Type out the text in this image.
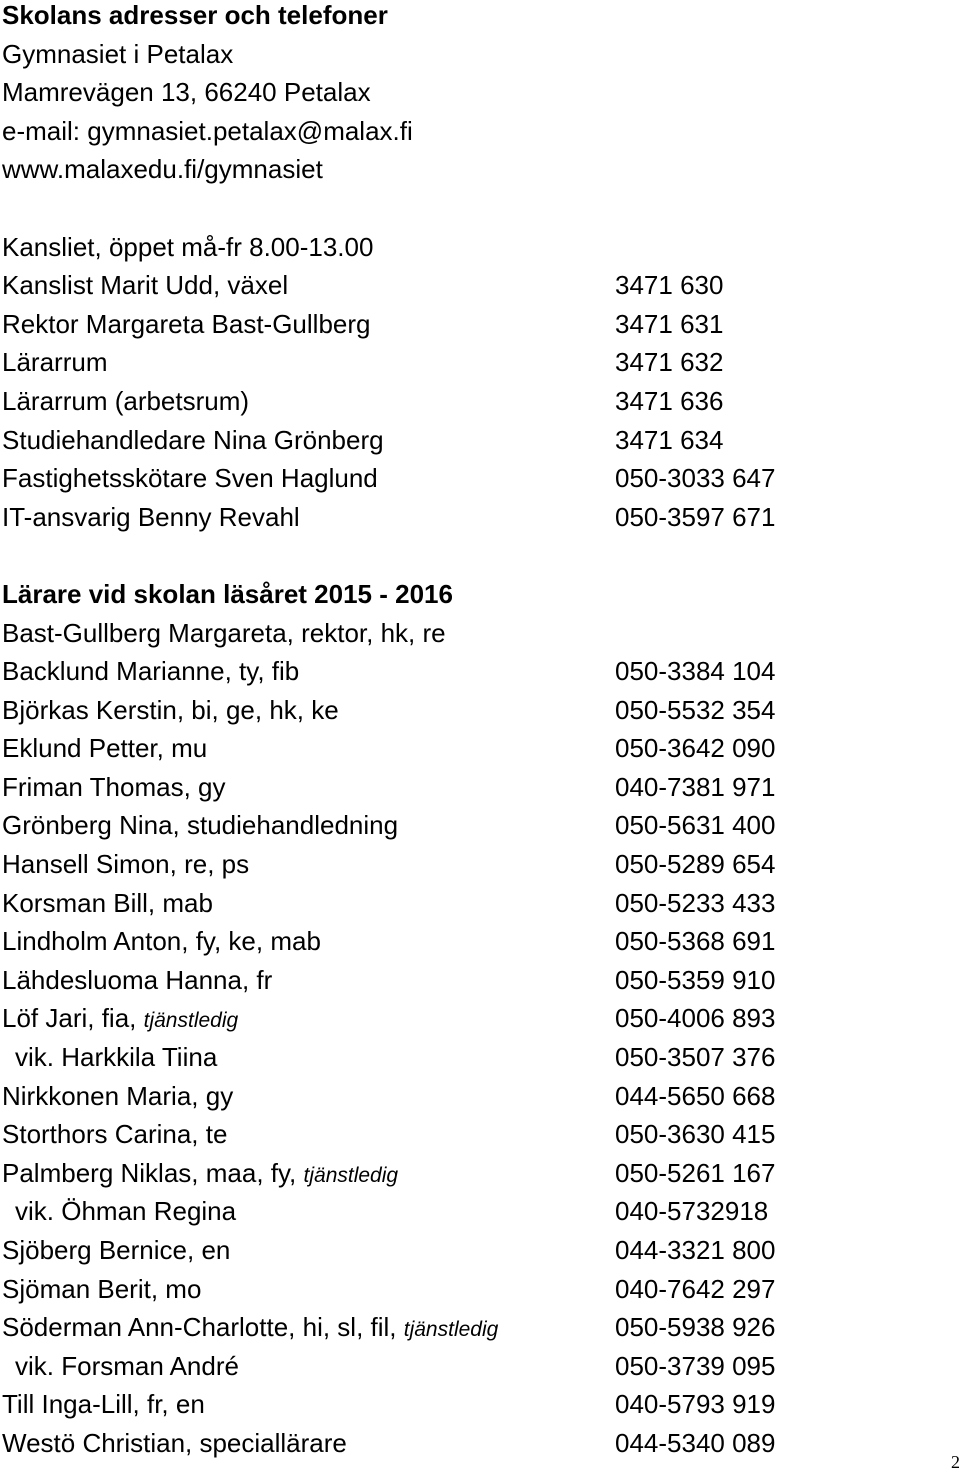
Skolans adresser och telefoner
Gymnasiet i Petalax
Mamrevägen 13, 66240 Petalax
e-mail: gymnasiet.petalax@malax.fi
www.malaxedu.fi/gymnasiet
Kansliet, öppet må-fr 8.00-13.00
Kanslist Marit Udd, växel	3471 630
Rektor Margareta Bast-Gullberg	3471 631
Lärarrum	3471 632
Lärarrum (arbetsrum)	3471 636
Studiehandledare Nina Grönberg	3471 634
Fastighetsskötare Sven Haglund	050-3033 647
IT-ansvarig Benny Revahl	050-3597 671
Lärare vid skolan läsåret 2015 - 2016
Bast-Gullberg Margareta, rektor, hk, re
Backlund Marianne, ty, fib	050-3384 104
Björkas Kerstin, bi, ge, hk, ke	050-5532 354
Eklund Petter, mu	050-3642 090
Friman Thomas, gy	040-7381 971
Grönberg Nina, studiehandledning	050-5631 400
Hansell Simon, re, ps	050-5289 654
Korsman Bill, mab	050-5233 433
Lindholm Anton, fy, ke, mab	050-5368 691
Lähdesluoma Hanna, fr	050-5359 910
Löf Jari, fia, tjänstledig	050-4006 893
vik. Harkkila Tiina	050-3507 376
Nirkkonen Maria, gy	044-5650 668
Storthors Carina, te	050-3630 415
Palmberg Niklas, maa, fy, tjänstledig	050-5261 167
vik. Öhman Regina	040-5732918
Sjöberg Bernice, en	044-3321 800
Sjöman Berit, mo	040-7642 297
Söderman Ann-Charlotte, hi, sl, fil, tjänstledig	050-5938 926
vik. Forsman André	050-3739 095
Till Inga-Lill, fr, en	040-5793 919
Westö Christian, speciallärare	044-5340 089
2
